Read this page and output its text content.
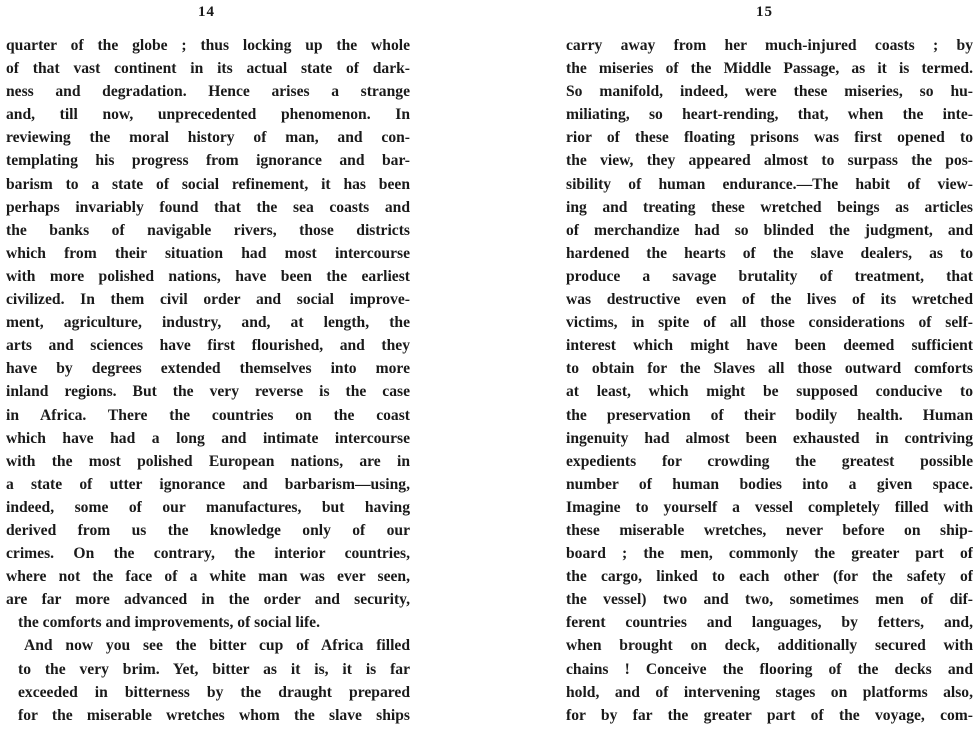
14
quarter of the globe ; thus locking up the whole
of that vast continent in its actual state of dark-
ness and degradation. Hence arises a strange
and, till now, unprecedented phenomenon. In
reviewing the moral history of man, and con-
templating his progress from ignorance and bar-
barism to a state of social refinement, it has been
perhaps invariably found that the sea coasts and
the banks of navigable rivers, those districts
which from their situation had most intercourse
with more polished nations, have been the earliest
civilized. In them civil order and social improve-
ment, agriculture, industry, and, at length, the
arts and sciences have first flourished, and they
have by degrees extended themselves into more
inland regions. But the very reverse is the case
in Africa. There the countries on the coast
which have had a long and intimate intercourse
with the most polished European nations, are in
a state of utter ignorance and barbarism—using,
indeed, some of our manufactures, but having
derived from us the knowledge only of our
crimes. On the contrary, the interior countries,
where not the face of a white man was ever seen,
are far more advanced in the order and security,
the comforts and improvements, of social life.
And now you see the bitter cup of Africa filled
to the very brim. Yet, bitter as it is, it is far
exceeded in bitterness by the draught prepared
for the miserable wretches whom the slave ships
15
carry away from her much-injured coasts ; by
the miseries of the Middle Passage, as it is termed.
So manifold, indeed, were these miseries, so hu-
miliating, so heart-rending, that, when the inte-
rior of these floating prisons was first opened to
the view, they appeared almost to surpass the pos-
sibility of human endurance.—The habit of view-
ing and treating these wretched beings as articles
of merchandize had so blinded the judgment, and
hardened the hearts of the slave dealers, as to
produce a savage brutality of treatment, that
was destructive even of the lives of its wretched
victims, in spite of all those considerations of self-
interest which might have been deemed sufficient
to obtain for the Slaves all those outward comforts
at least, which might be supposed conducive to
the preservation of their bodily health. Human
ingenuity had almost been exhausted in contriving
expedients for crowding the greatest possible
number of human bodies into a given space.
Imagine to yourself a vessel completely filled with
these miserable wretches, never before on ship-
board ; the men, commonly the greater part of
the cargo, linked to each other (for the safety of
the vessel) two and two, sometimes men of dif-
ferent countries and languages, by fetters, and,
when brought on deck, additionally secured with
chains ! Conceive the flooring of the decks and
hold, and of intervening stages on platforms also,
for by far the greater part of the voyage, com-
